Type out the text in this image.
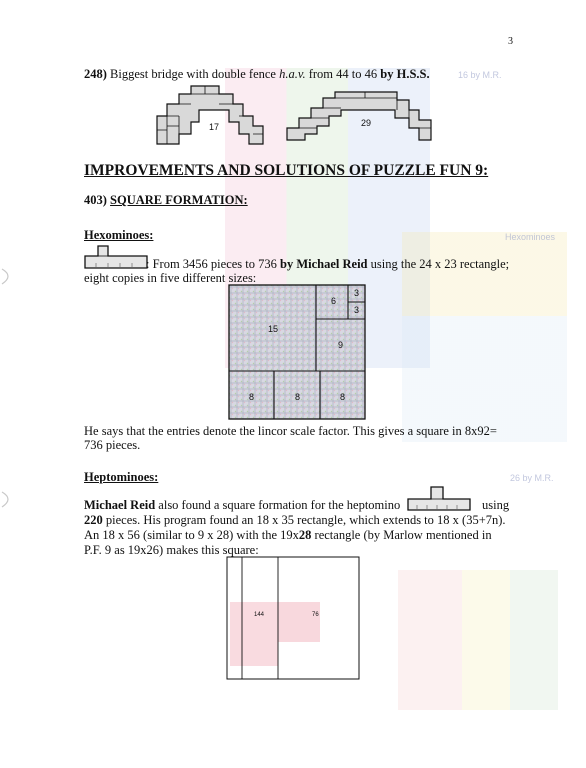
16 by M.R.
Hexominoes
26 by M.R.
3
248) Biggest bridge with double fence h.a.v. from 44 to 46 by H.S.S.
17	29
IMPROVEMENTS AND SOLUTIONS OF PUZZLE FUN 9:
403) SQUARE FORMATION:
Hexominoes:
: From 3456 pieces to 736 by Michael Reid using the 24 x 23 rectangle;
eight copies in five different sizes:
15
6
3
3
9
8	8	8
He says that the entries denote the lincor scale factor. This gives a square in 8x92=
736 pieces.
Heptominoes:
Michael Reid also found a square formation for the heptomino	using
220 pieces. His program found an 18 x 35 rectangle, which extends to 18 x (35+7n).
An 18 x 56 (similar to 9 x 28) with the 19x28 rectangle (by Marlow mentioned in
P.F. 9 as 19x26) makes this square:
144	76
